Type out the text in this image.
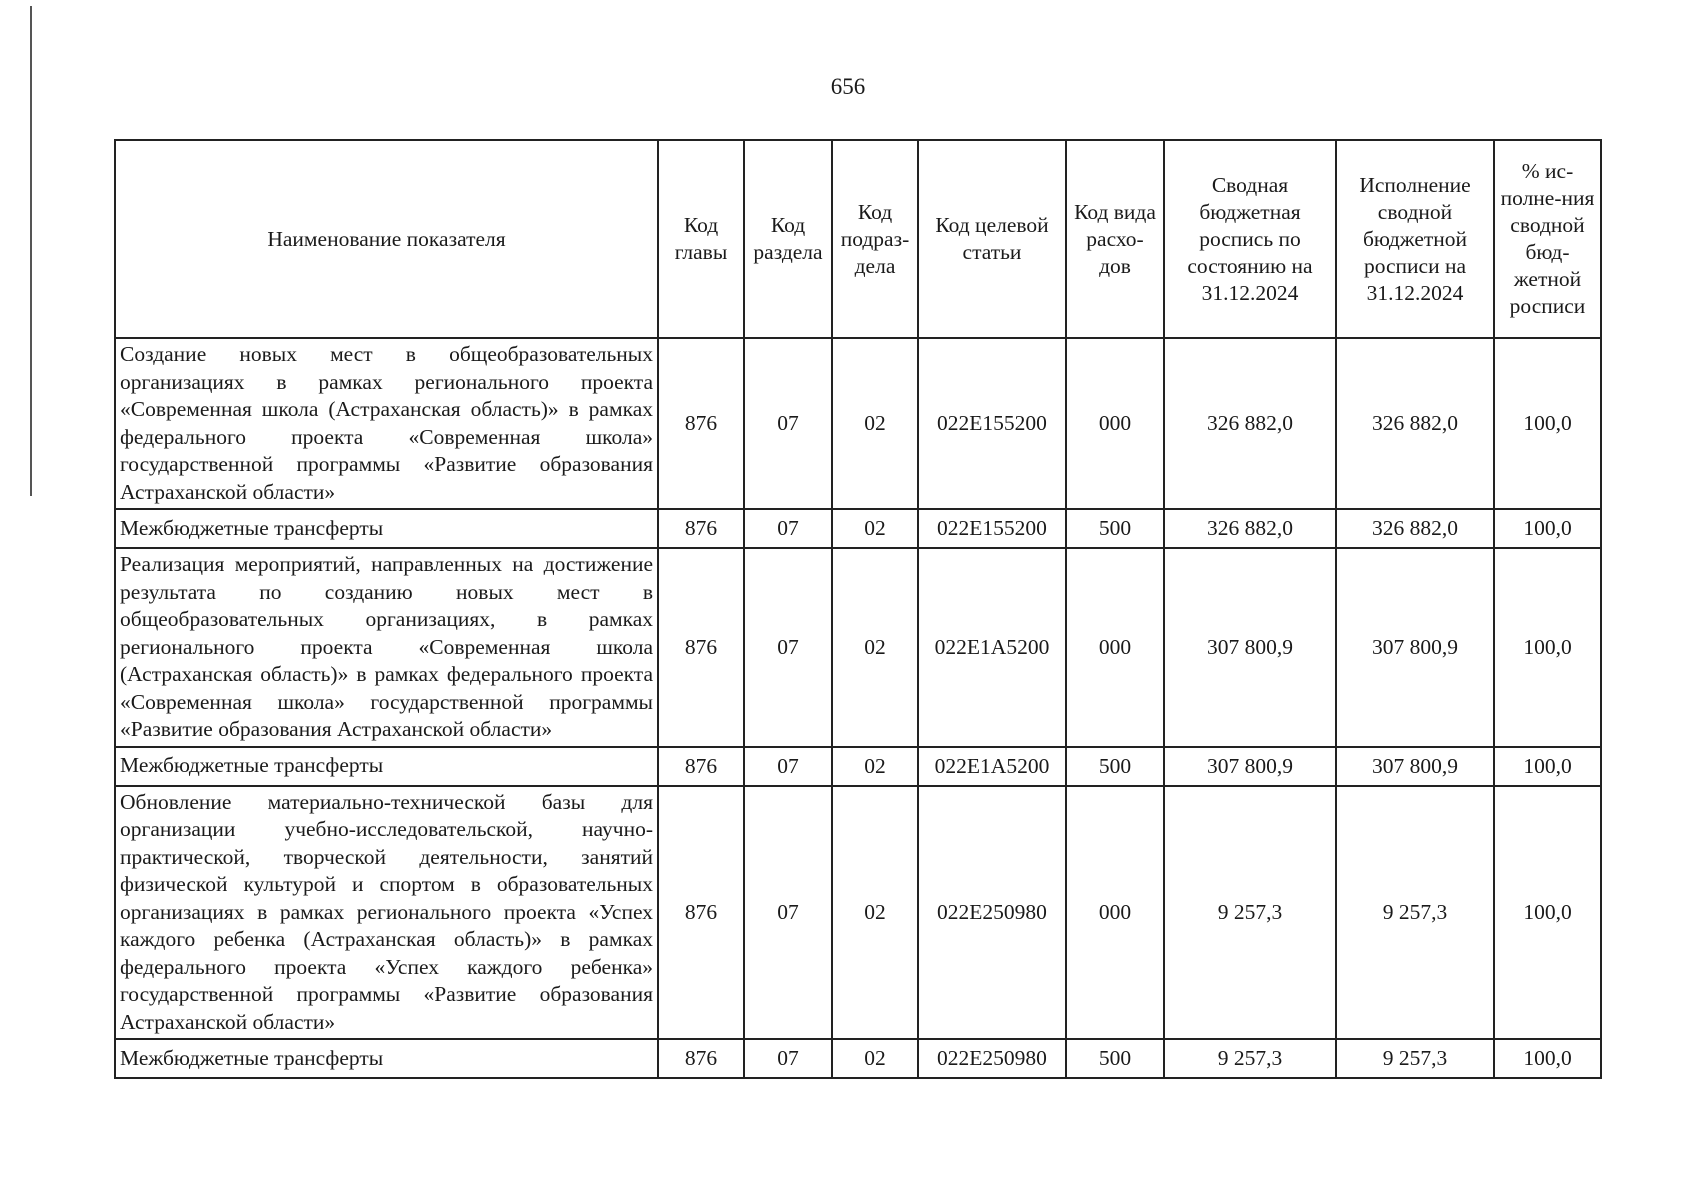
656
Наименование показателя	Код главы	Код раздела	Код подраз-дела	Код целевой статьи	Код вида расхо-дов	Сводная бюджетная роспись по состоянию на 31.12.2024	Исполнение сводной бюджетной росписи на 31.12.2024	% ис-полне-ния сводной бюд-жетной росписи
Создание новых мест в общеобразовательных организациях в рамках регионального проекта «Современная школа (Астраханская область)» в рамках федерального проекта «Современная школа» государственной программы «Развитие образования Астраханской области»	876	07	02	022E155200	000	326 882,0	326 882,0	100,0
Межбюджетные трансферты	876	07	02	022E155200	500	326 882,0	326 882,0	100,0
Реализация мероприятий, направленных на достижение результата по созданию новых мест в общеобразовательных организациях, в рамках регионального проекта «Современная школа (Астраханская область)» в рамках федерального проекта «Современная школа» государственной программы «Развитие образования Астраханской области»	876	07	02	022E1A5200	000	307 800,9	307 800,9	100,0
Межбюджетные трансферты	876	07	02	022E1A5200	500	307 800,9	307 800,9	100,0
Обновление материально-технической базы для организации учебно-исследовательской, научно-практической, творческой деятельности, занятий физической культурой и спортом в образовательных организациях в рамках регионального проекта «Успех каждого ребенка (Астраханская область)» в рамках федерального проекта «Успех каждого ребенка» государственной программы «Развитие образования Астраханской области»	876	07	02	022E250980	000	9 257,3	9 257,3	100,0
Межбюджетные трансферты	876	07	02	022E250980	500	9 257,3	9 257,3	100,0
